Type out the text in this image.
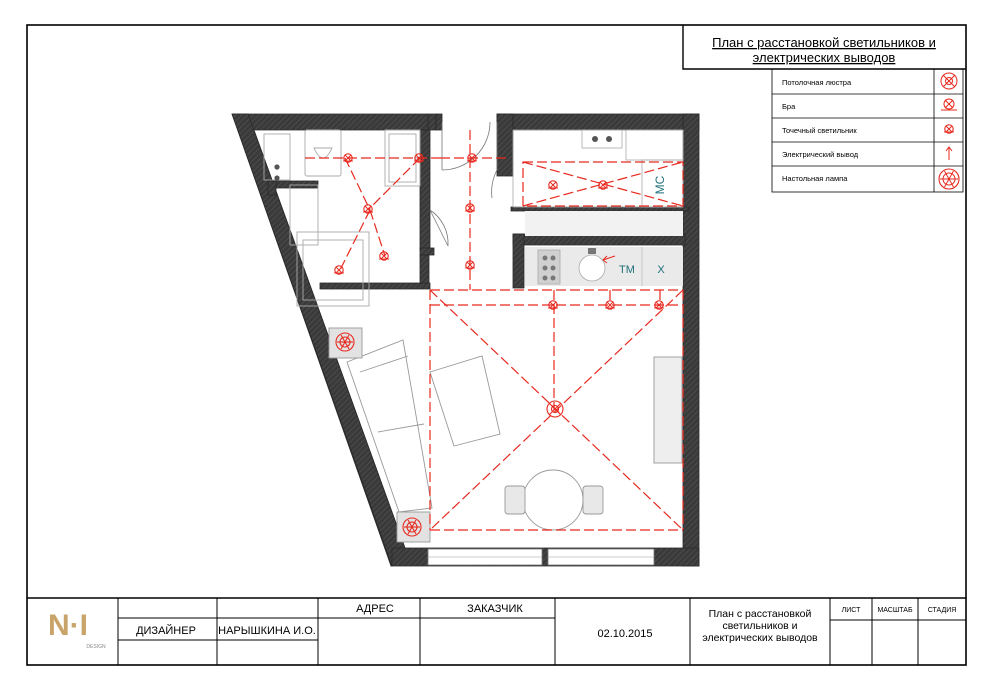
План с расстановкой светильников и
электрических выводов
Потолочная люстра
Бра
Точечный светильник
Электрический вывод
Настольная лампа
МС
ТМ Х
N·I
DESIGN
АДРЕС	ЗАКАЗЧИК
ДИЗАЙНЕР НАРЫШКИНА И.О.	02.10.2015
План с расстановкой
светильников и
электрических выводов
ЛИСТ МАСШТАБ СТАДИЯ
